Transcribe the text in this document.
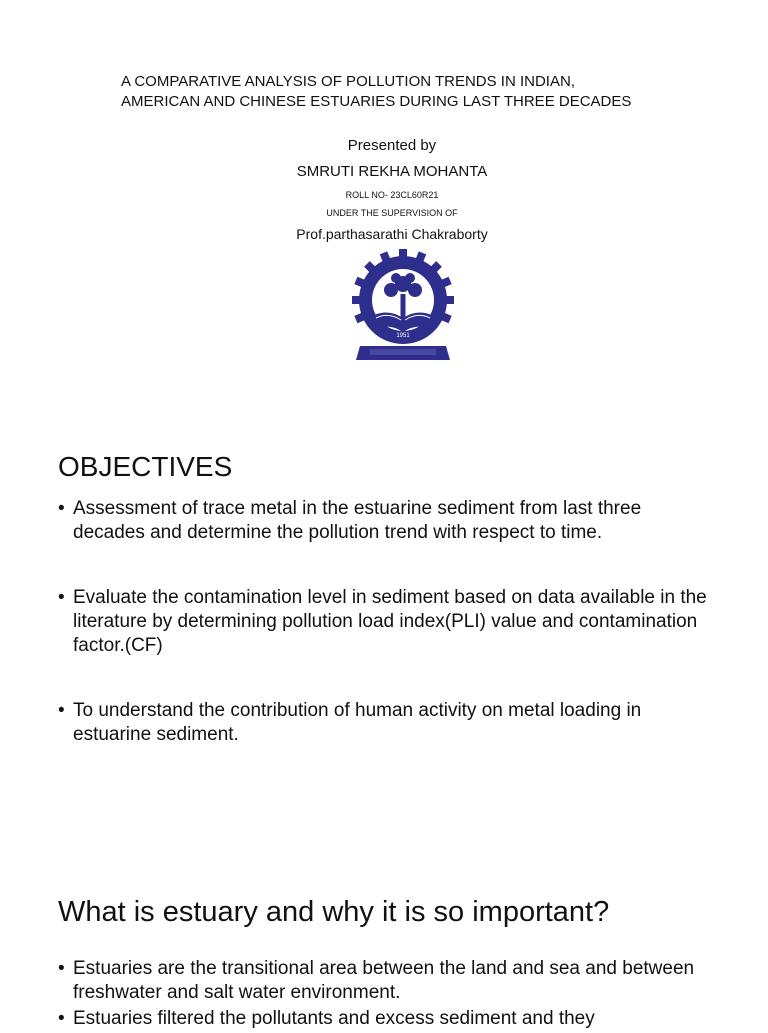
A COMPARATIVE ANALYSIS OF POLLUTION TRENDS IN INDIAN,
AMERICAN AND CHINESE ESTUARIES DURING LAST THREE DECADES
Presented by
SMRUTI REKHA MOHANTA
ROLL NO- 23CL60R21
UNDER THE SUPERVISION OF
Prof.parthasarathi Chakraborty
1951
OBJECTIVES
• Assessment of trace metal in the estuarine sediment from last three decades and determine the pollution trend with respect to time.
• Evaluate the contamination level in sediment based on data available in the literature by determining pollution load index(PLI) value and contamination factor.(CF)
• To understand the contribution of human activity on metal loading in estuarine sediment.
What is estuary and why it is so important?
• Estuaries are the transitional area between the land and sea and between freshwater and salt water environment.
• Estuaries filtered the pollutants and excess sediment and they
